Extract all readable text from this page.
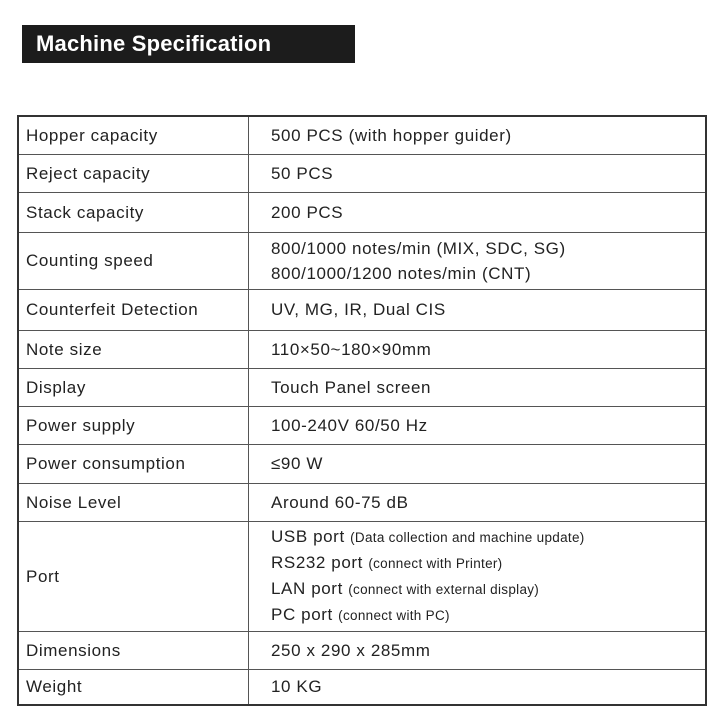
Machine Specification
Hopper capacity	500 PCS (with hopper guider)
Reject capacity	50 PCS
Stack capacity	200 PCS
Counting speed	800/1000 notes/min (MIX, SDC, SG)
800/1000/1200 notes/min (CNT)

Counterfeit Detection	UV, MG, IR, Dual CIS
Note size	110×50~180×90mm
Display	Touch Panel screen
Power supply	100-240V 60/50 Hz
Power consumption	≤90 W
Noise Level	Around 60-75 dB
Port	USB port (Data collection and machine update)
RS232 port (connect with Printer)
LAN port (connect with external display)
PC port (connect with PC)

Dimensions	250 x 290 x 285mm
Weight	10 KG
